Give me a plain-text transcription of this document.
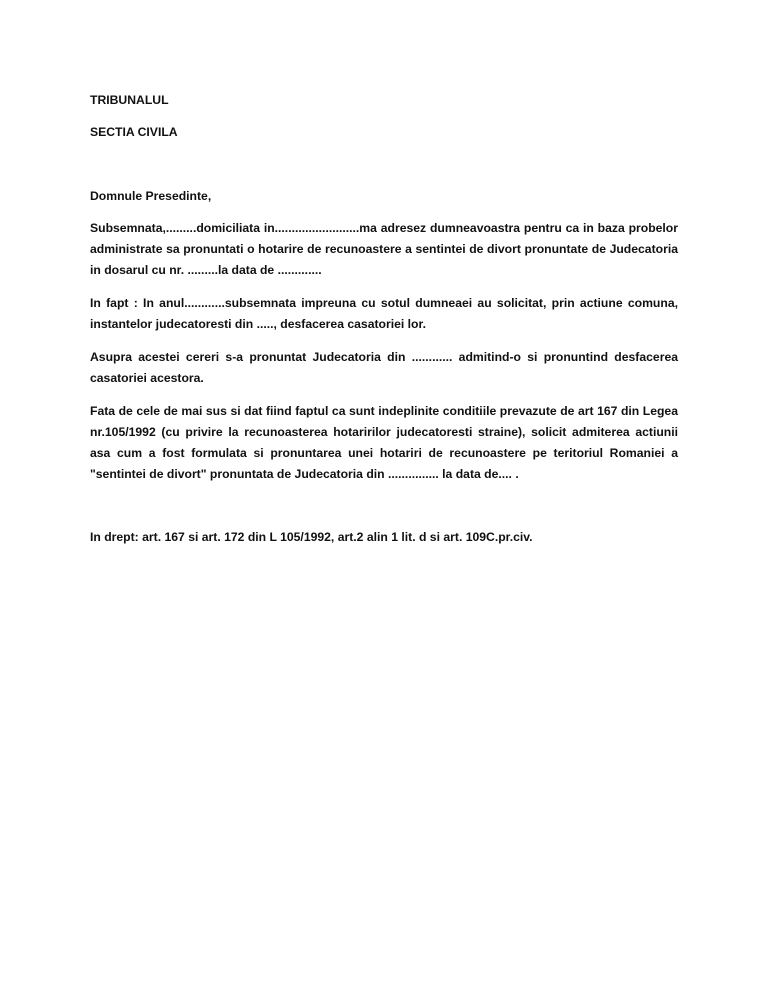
TRIBUNALUL

SECTIA CIVILA

Domnule Presedinte,

Subsemnata,.........domiciliata in.........................ma adresez dumneavoastra pentru ca in baza probelor administrate sa pronuntati o hotarire de recunoastere a sentintei de divort pronuntate de Judecatoria in dosarul cu nr. .........la data de .............

In fapt : In anul............subsemnata impreuna cu sotul dumneaei au solicitat, prin actiune comuna, instantelor judecatoresti din ....., desfacerea casatoriei lor.

Asupra acestei cereri s-a pronuntat Judecatoria din ............ admitind-o si pronuntind desfacerea casatoriei acestora.

Fata de cele de mai sus si dat fiind faptul ca sunt indeplinite conditiile prevazute de art 167 din Legea nr.105/1992 (cu privire la recunoasterea hotaririlor judecatoresti straine), solicit admiterea actiunii asa cum a fost formulata si pronuntarea unei hotariri de recunoastere pe teritoriul Romaniei a "sentintei de divort" pronuntata de Judecatoria din ............... la data de.... .

In drept: art. 167 si art. 172 din L 105/1992, art.2 alin 1 lit. d si art. 109C.pr.civ.
